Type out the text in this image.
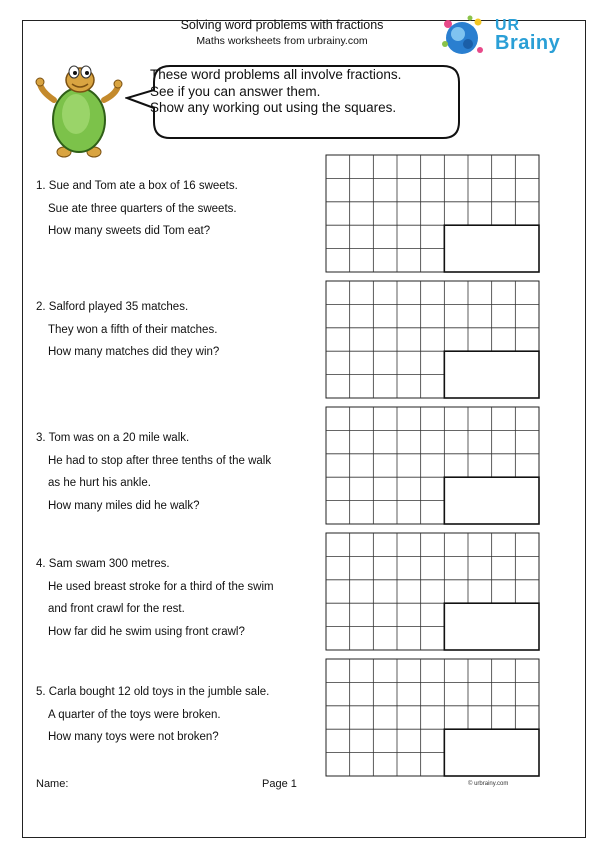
Solving word problems with fractions
Maths worksheets from urbrainy.com
UR
Brainy
These word problems all involve fractions.
See if you can answer them.
Show any working out using the squares.
1. Sue and Tom ate a box of 16 sweets.
Sue ate three quarters of the sweets.
How many sweets did Tom eat?
2. Salford played 35 matches.
They won a fifth of their matches.
How many matches did they win?
3. Tom was on a 20 mile walk.
He had to stop after three tenths of the walk
as he hurt his ankle.
How many miles did he walk?
4. Sam swam 300 metres.
He used breast stroke for a third of the swim
and front crawl for the rest.
How far did he swim using front crawl?
5. Carla bought 12 old toys in the jumble sale.
A quarter of the toys were broken.
How many toys were not broken?
Name:	Page 1	© urbrainy.com
